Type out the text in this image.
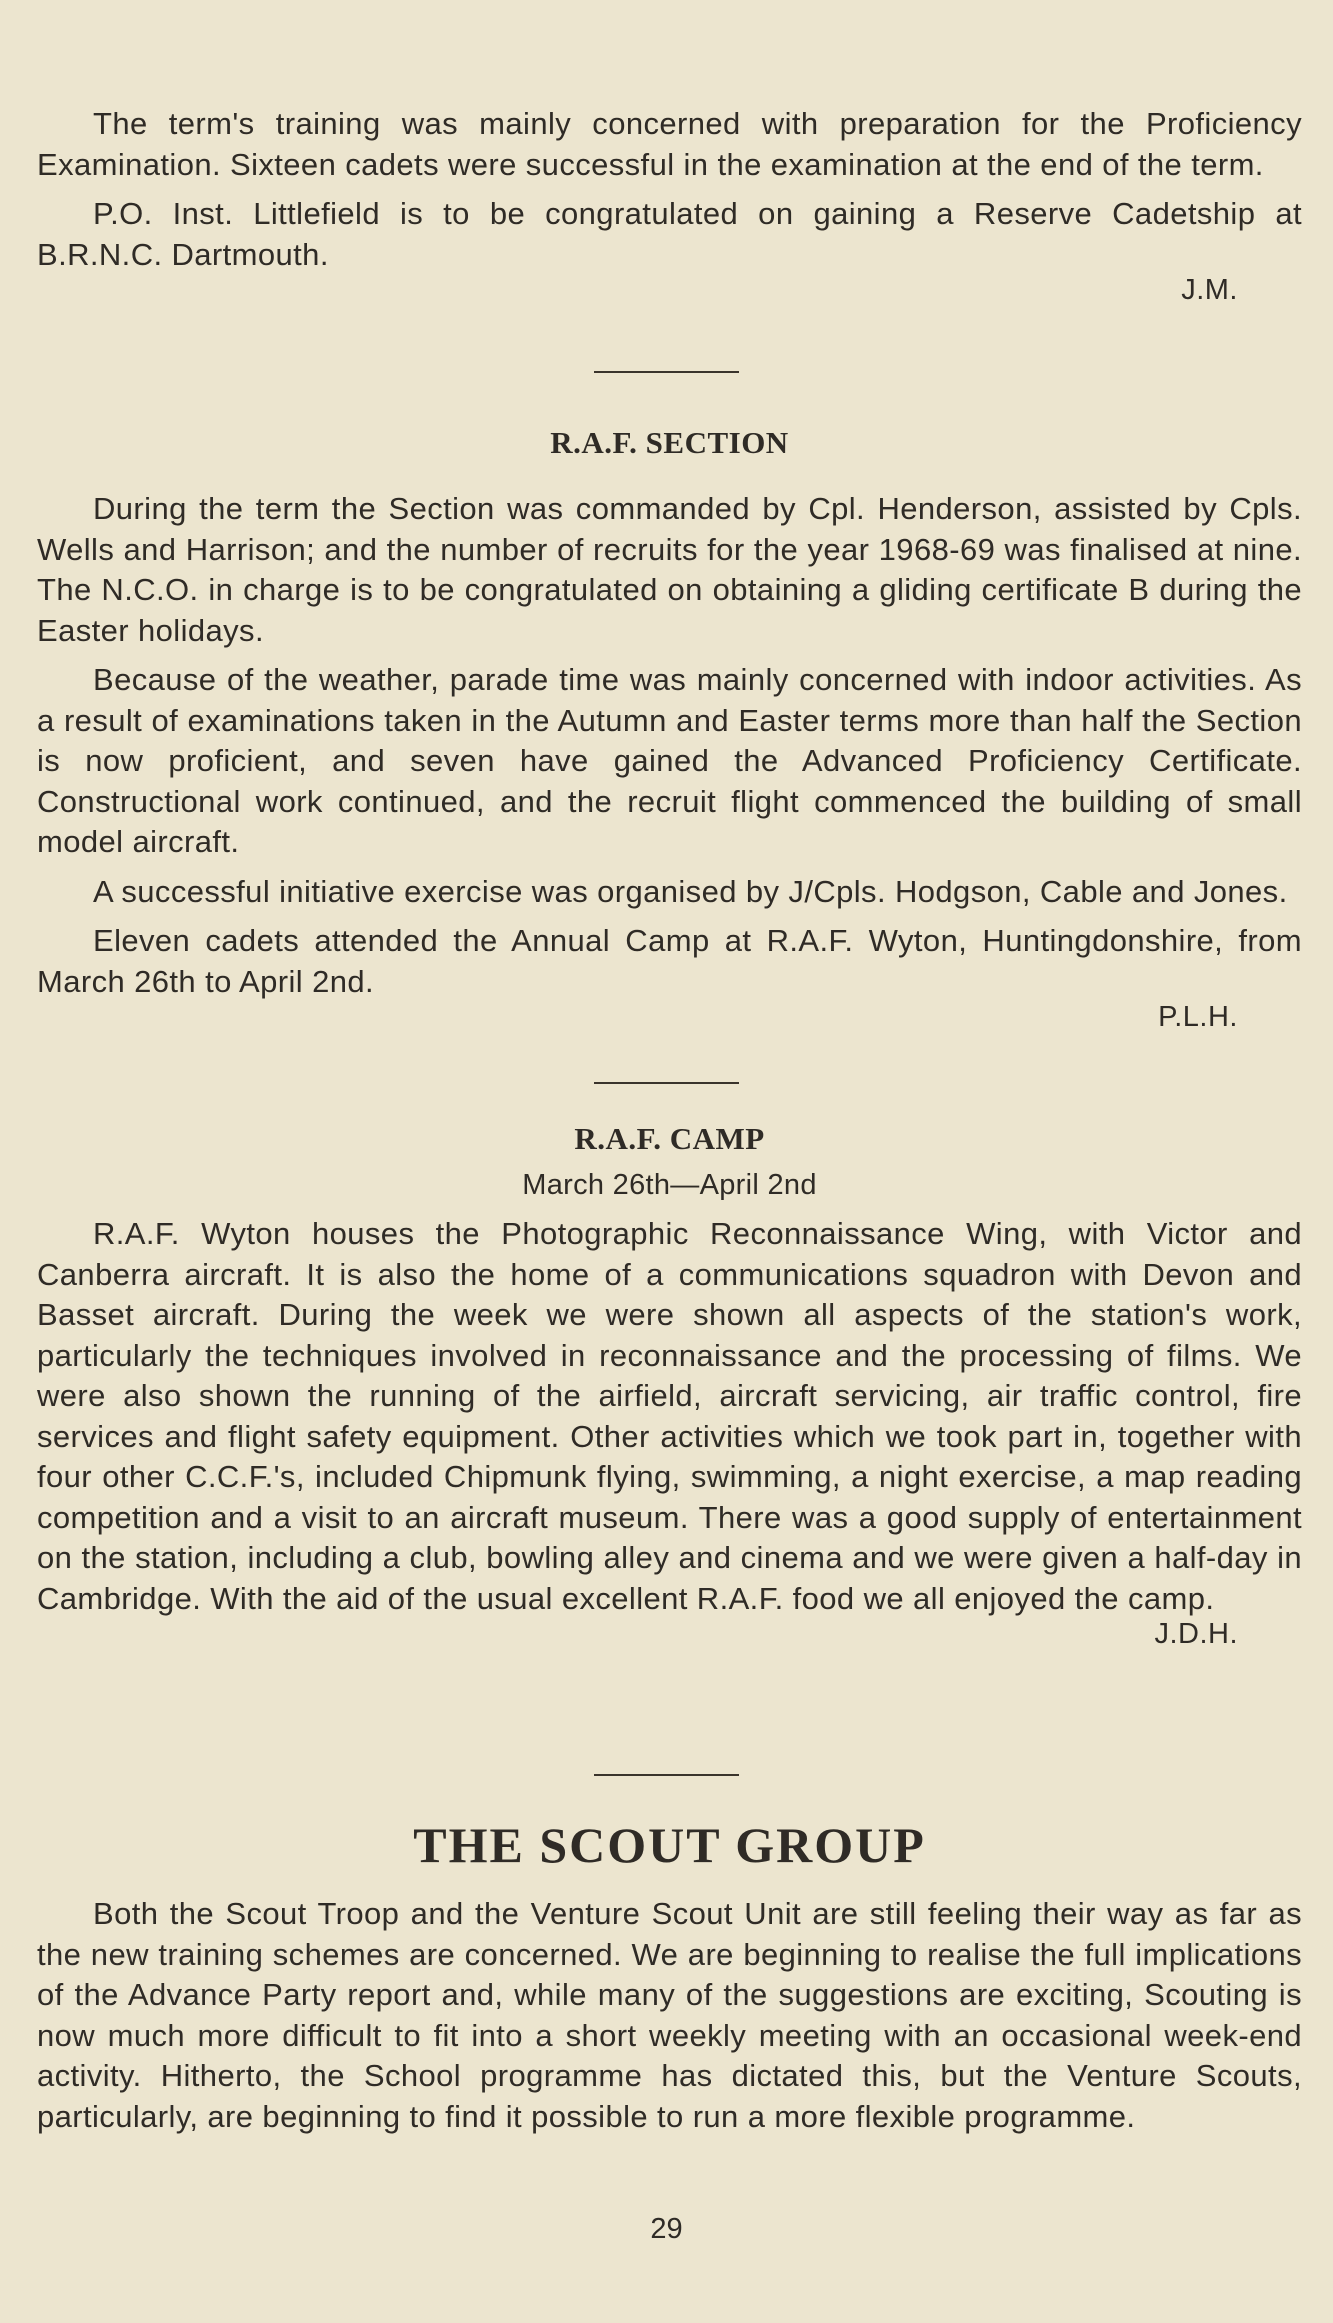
The term's training was mainly concerned with preparation for the Proficiency Examination. Sixteen cadets were successful in the examination at the end of the term.

P.O. Inst. Littlefield is to be congratulated on gaining a Reserve Cadetship at B.R.N.C. Dartmouth.

J.M.
R.A.F. SECTION

During the term the Section was commanded by Cpl. Henderson, assisted by Cpls. Wells and Harrison; and the number of recruits for the year 1968-69 was finalised at nine. The N.C.O. in charge is to be congratulated on obtaining a gliding certificate B during the Easter holidays.

Because of the weather, parade time was mainly concerned with indoor activities. As a result of examinations taken in the Autumn and Easter terms more than half the Section is now proficient, and seven have gained the Advanced Proficiency Certificate. Constructional work continued, and the recruit flight commenced the building of small model aircraft.

A successful initiative exercise was organised by J/Cpls. Hodgson, Cable and Jones.

Eleven cadets attended the Annual Camp at R.A.F. Wyton, Huntingdonshire, from March 26th to April 2nd.

P.L.H.
R.A.F. CAMP

March 26th—April 2nd

R.A.F. Wyton houses the Photographic Reconnaissance Wing, with Victor and Canberra aircraft. It is also the home of a communications squadron with Devon and Basset aircraft. During the week we were shown all aspects of the station's work, particularly the techniques involved in reconnaissance and the processing of films. We were also shown the running of the airfield, aircraft servicing, air traffic control, fire services and flight safety equipment. Other activities which we took part in, together with four other C.C.F.'s, included Chipmunk flying, swimming, a night exercise, a map reading competition and a visit to an aircraft museum. There was a good supply of entertainment on the station, including a club, bowling alley and cinema and we were given a half-day in Cambridge. With the aid of the usual excellent R.A.F. food we all enjoyed the camp.

J.D.H.
THE SCOUT GROUP

Both the Scout Troop and the Venture Scout Unit are still feeling their way as far as the new training schemes are concerned. We are beginning to realise the full implications of the Advance Party report and, while many of the suggestions are exciting, Scouting is now much more difficult to fit into a short weekly meeting with an occasional week-end activity. Hitherto, the School programme has dictated this, but the Venture Scouts, particularly, are beginning to find it possible to run a more flexible programme.

29
